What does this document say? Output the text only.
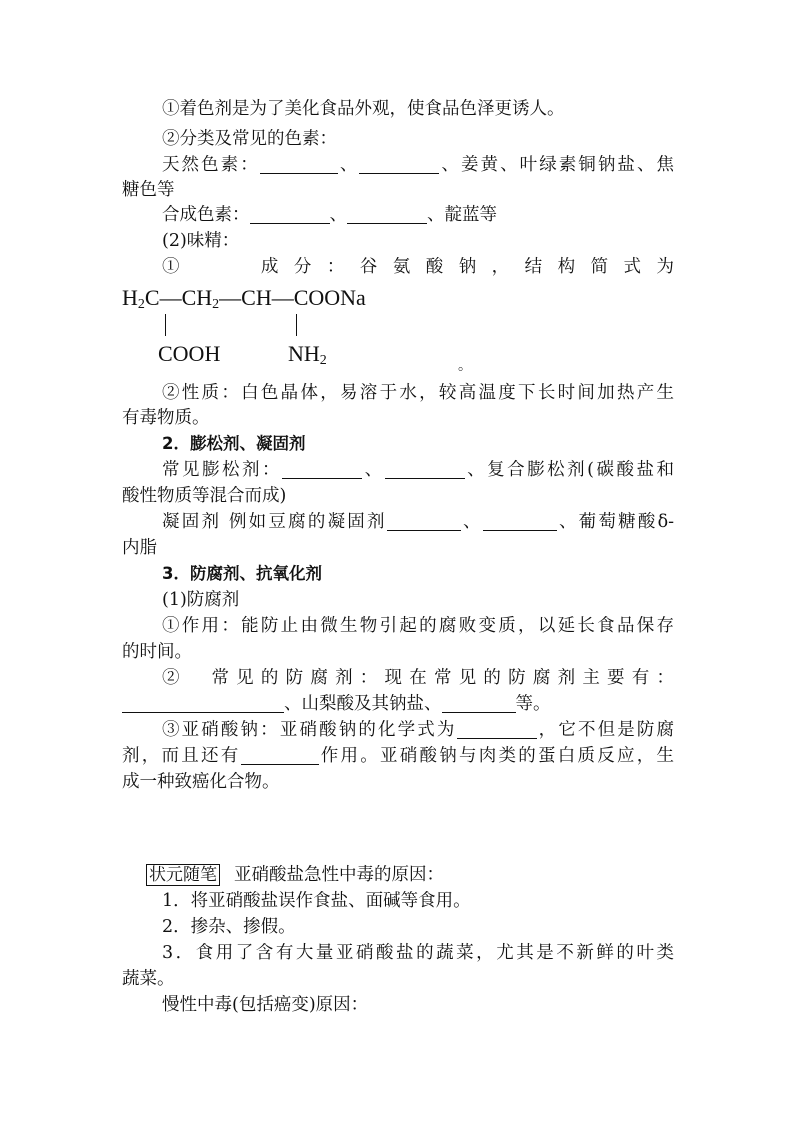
①着色剂是为了美化食品外观，使食品色泽更诱人。
②分类及常见的色素：
天然色素：	、	、姜黄、叶绿素铜钠盐、焦
糖色等
合成色素：	、	、靛蓝等
(2)味精：
①　　成分：谷氨酸钠，结构简式为
$H_2C—CH_2—CH—COONa$
COOH	$NH_2$	。
②性质：白色晶体，易溶于水，较高温度下长时间加热产生
有毒物质。
2．膨松剂、凝固剂
常见膨松剂：	、	、复合膨松剂(碳酸盐和
酸性物质等混合而成)
凝固剂 例如豆腐的凝固剂	、	、葡萄糖酸δ-
内脂
3．防腐剂、抗氧化剂
(1)防腐剂
①作用：能防止由微生物引起的腐败变质，以延长食品保存
的时间。
②　常见的防腐剂：现在常见的防腐剂主要有：
、山梨酸及其钠盐、	等。
③亚硝酸钠：亚硝酸钠的化学式为	，它不但是防腐
剂，而且还有	作用。亚硝酸钠与肉类的蛋白质反应，生
成一种致癌化合物。
状元随笔 亚硝酸盐急性中毒的原因：
1．将亚硝酸盐误作食盐、面碱等食用。
2．掺杂、掺假。
3．食用了含有大量亚硝酸盐的蔬菜，尤其是不新鲜的叶类
蔬菜。
慢性中毒(包括癌变)原因：
